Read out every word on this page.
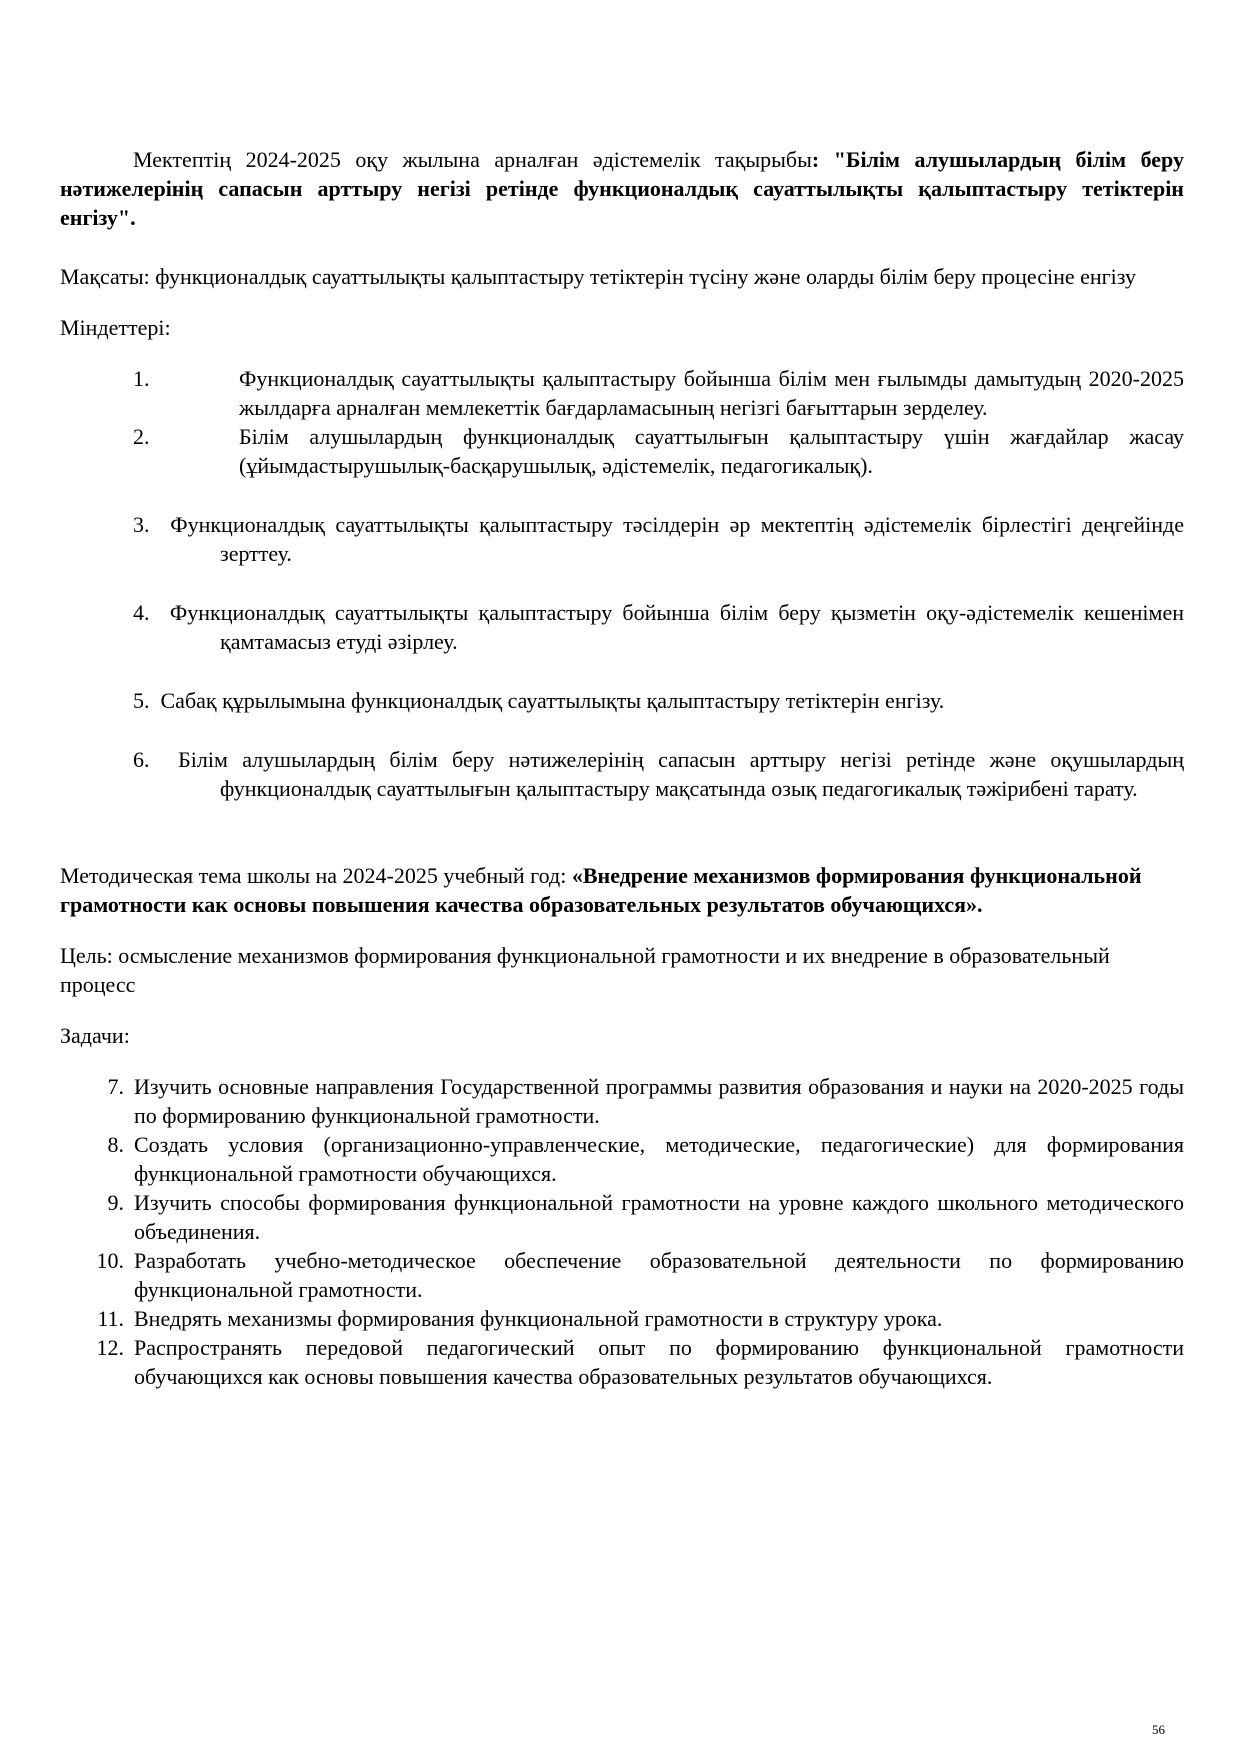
Мектептің 2024-2025 оқу жылына арналған әдістемелік тақырыбы: "Білім алушылардың білім беру нәтижелерінің сапасын арттыру негізі ретінде функционалдық сауаттылықты қалыптастыру тетіктерін енгізу".

Мақсаты: функционалдық сауаттылықты қалыптастыру тетіктерін түсіну және оларды білім беру процесіне енгізу

Міндеттері:

1.	Функционалдық сауаттылықты қалыптастыру бойынша білім мен ғылымды дамытудың 2020-2025 жылдарға арналған мемлекеттік бағдарламасының негізгі бағыттарын зерделеу.
2.	Білім алушылардың функционалдық сауаттылығын қалыптастыру үшін жағдайлар жасау (ұйымдастырушылық-басқарушылық, әдістемелік, педагогикалық).

3. Функционалдық сауаттылықты қалыптастыру тәсілдерін әр мектептің әдістемелік бірлестігі деңгейінде зерттеу.

4. Функционалдық сауаттылықты қалыптастыру бойынша білім беру қызметін оқу-әдістемелік кешенімен қамтамасыз етуді әзірлеу.

5. Сабақ құрылымына функционалдық сауаттылықты қалыптастыру тетіктерін енгізу.

6. Білім алушылардың білім беру нәтижелерінің сапасын арттыру негізі ретінде және оқушылардың функционалдық сауаттылығын қалыптастыру мақсатында озық педагогикалық тәжірибені тарату.

Методическая тема школы на 2024-2025 учебный год: «Внедрение механизмов формирования функциональной грамотности как основы повышения качества образовательных результатов обучающихся».

Цель: осмысление механизмов формирования функциональной грамотности и их внедрение в образовательный процесс

Задачи:

7. Изучить основные направления Государственной программы развития образования и науки на 2020-2025 годы по формированию функциональной грамотности.
8. Создать условия (организационно-управленческие, методические, педагогические) для формирования функциональной грамотности обучающихся.
9. Изучить способы формирования функциональной грамотности на уровне каждого школьного методического объединения.
10. Разработать учебно-методическое обеспечение образовательной деятельности по формированию функциональной грамотности.
11. Внедрять механизмы формирования функциональной грамотности в структуру урока.
12. Распространять передовой педагогический опыт по формированию функциональной грамотности обучающихся как основы повышения качества образовательных результатов обучающихся.
56
